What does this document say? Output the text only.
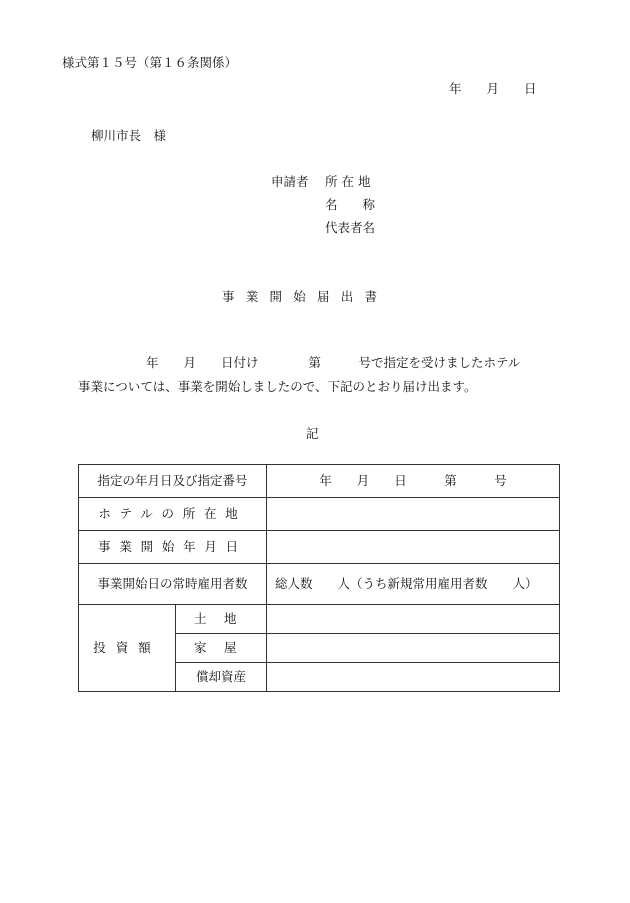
様式第１５号（第１６条関係）
年　　月　　日
柳川市長　様
申請者 所 在 地
名　　称
代表者名
事業開始届出書
年　　月　　日付け　　　　第　　　号で指定を受けましたホテル
事業については、事業を開始しましたので、下記のとおり届け出ます。
記
指定の年月日及び指定番号		年　　月　　日　　　第　　　号
ホテルの所在地		
事業開始年月日		
事業開始日の常時雇用者数		総人数　　人（うち新規常用雇用者数　　人）
投資額	土地	
	家屋	
	償却資産	
